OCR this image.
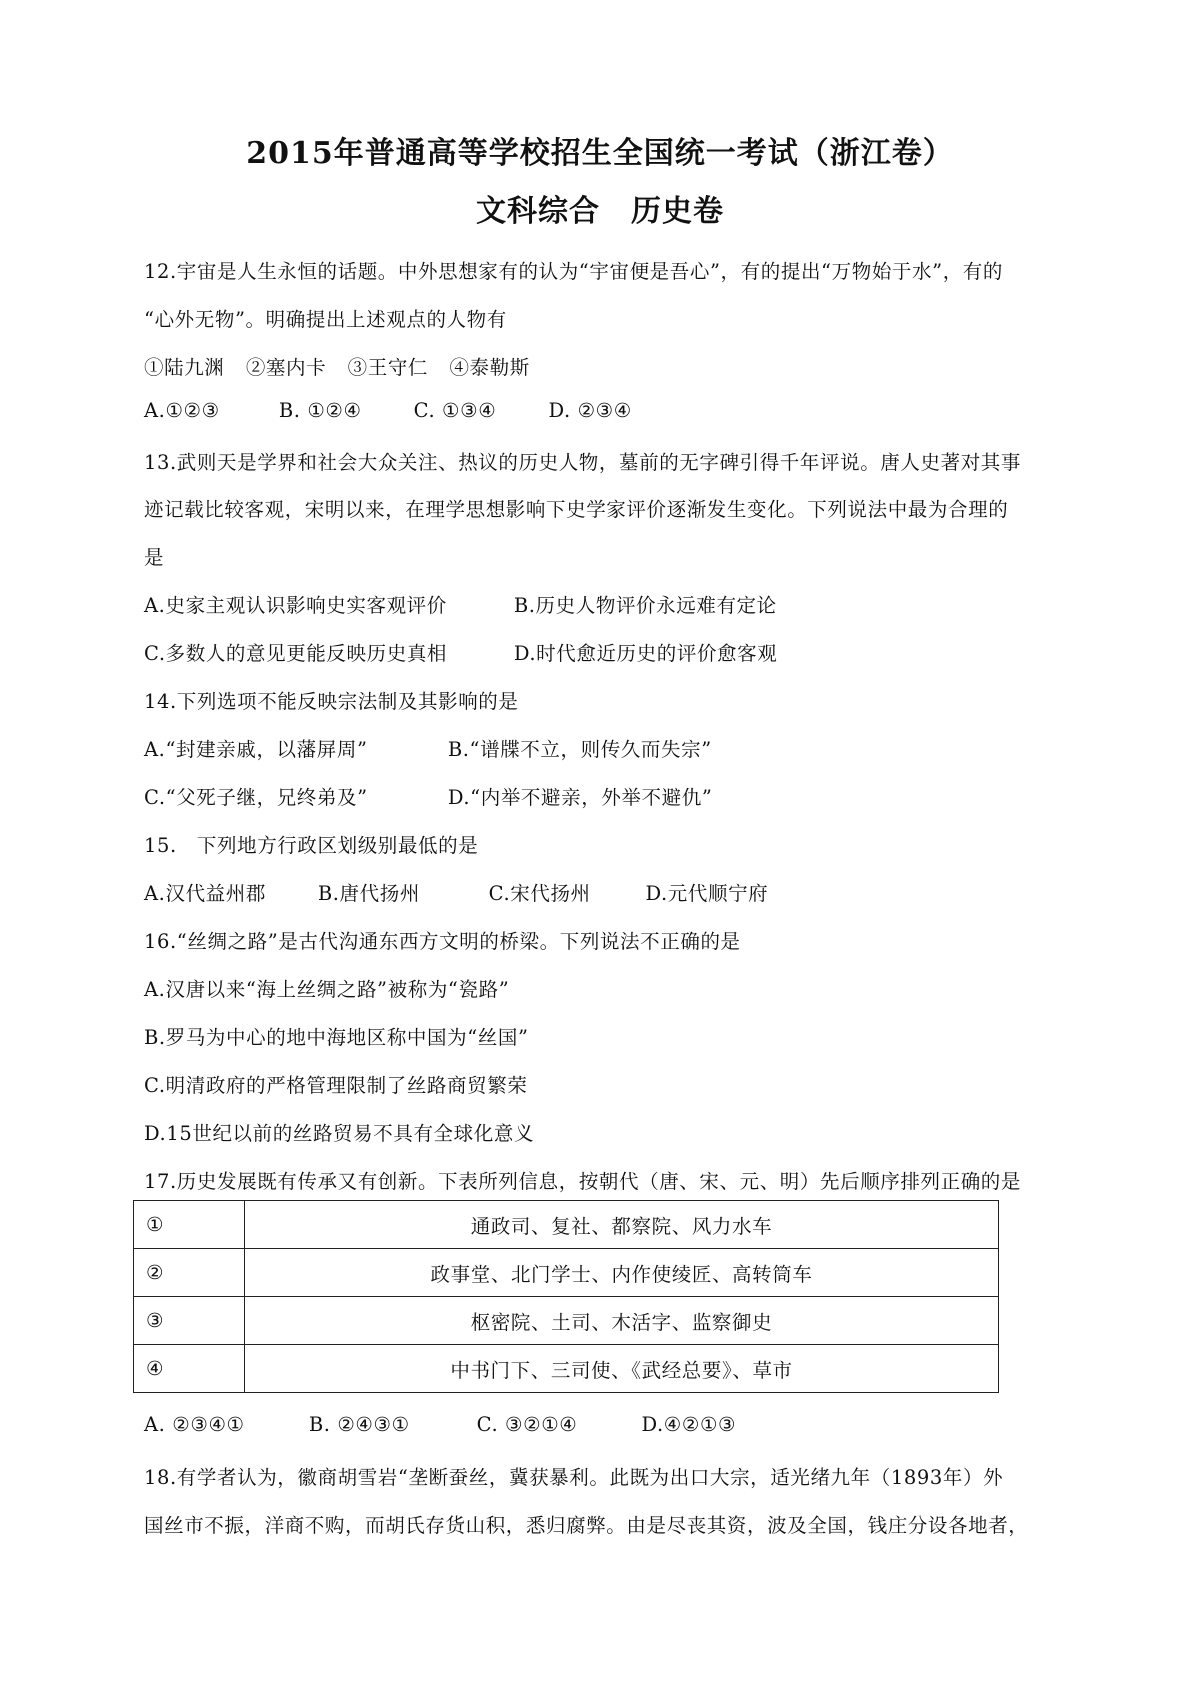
2015年普通高等学校招生全国统一考试（浙江卷）
文科综合　历史卷
12.宇宙是人生永恒的话题。中外思想家有的认为“宇宙便是吾心”，有的提出“万物始于水”，有的
“心外无物”。明确提出上述观点的人物有
①陆九渊 ②塞内卡 ③王守仁 ④泰勒斯
A.①②③	B. ①②④	C. ①③④	D. ②③④
13.武则天是学界和社会大众关注、热议的历史人物，墓前的无字碑引得千年评说。唐人史著对其事
迹记载比较客观，宋明以来，在理学思想影响下史学家评价逐渐发生变化。下列说法中最为合理的
是
A.史家主观认识影响史实客观评价	B.历史人物评价永远难有定论
C.多数人的意见更能反映历史真相	D.时代愈近历史的评价愈客观
14.下列选项不能反映宗法制及其影响的是
A.“封建亲戚，以藩屏周”	B.“谱牒不立，则传久而失宗”
C.“父死子继，兄终弟及”	D.“内举不避亲，外举不避仇”
15.　下列地方行政区划级别最低的是
A.汉代益州郡	B.唐代扬州	C.宋代扬州	D.元代顺宁府
16.“丝绸之路”是古代沟通东西方文明的桥梁。下列说法不正确的是
A.汉唐以来“海上丝绸之路”被称为“瓷路”
B.罗马为中心的地中海地区称中国为“丝国”
C.明清政府的严格管理限制了丝路商贸繁荣
D.15世纪以前的丝路贸易不具有全球化意义
17.历史发展既有传承又有创新。下表所列信息，按朝代（唐、宋、元、明）先后顺序排列正确的是
①	通政司、复社、都察院、风力水车
②	政事堂、北门学士、内作使绫匠、高转筒车
③	枢密院、土司、木活字、监察御史
④	中书门下、三司使、《武经总要》、草市
A. ②③④①	B. ②④③①	C. ③②①④	D.④②①③
18.有学者认为，徽商胡雪岩“垄断蚕丝，冀获暴利。此既为出口大宗，适光绪九年（1893年）外
国丝市不振，洋商不购，而胡氏存货山积，悉归腐弊。由是尽丧其资，波及全国，钱庄分设各地者，
